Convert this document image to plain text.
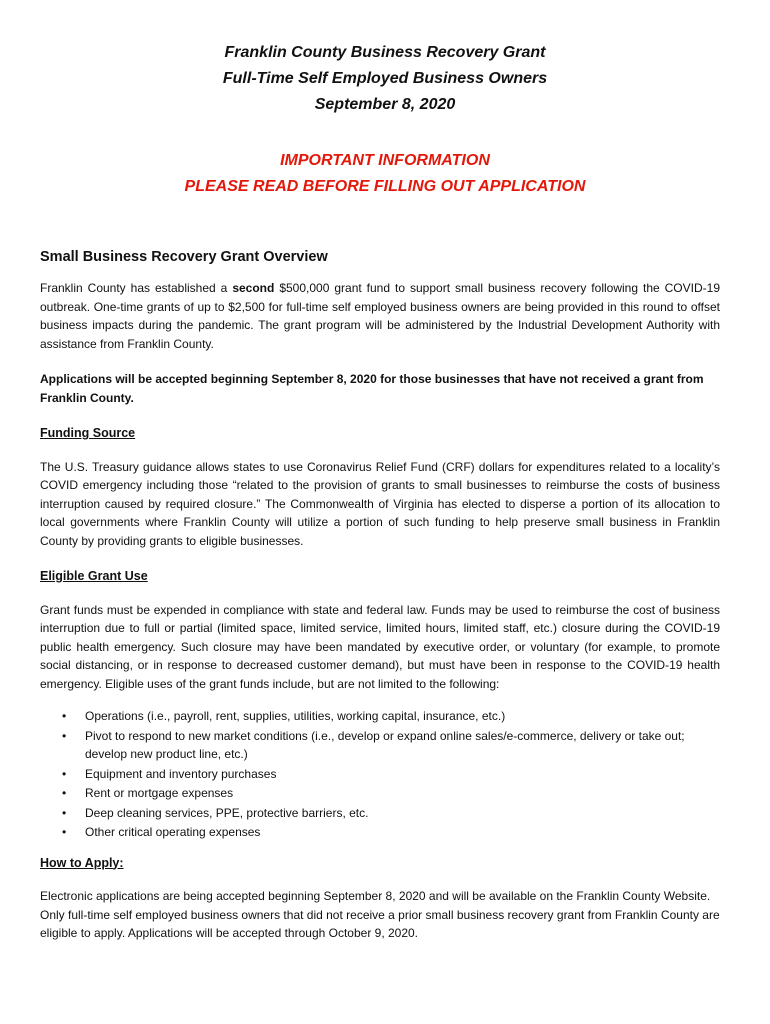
Franklin County Business Recovery Grant
Full-Time Self Employed Business Owners
September 8, 2020
IMPORTANT INFORMATION
PLEASE READ BEFORE FILLING OUT APPLICATION
Small Business Recovery Grant Overview

Franklin County has established a second $500,000 grant fund to support small business recovery following the COVID-19 outbreak. One-time grants of up to $2,500 for full-time self employed business owners are being provided in this round to offset business impacts during the pandemic. The grant program will be administered by the Industrial Development Authority with assistance from Franklin County.

Applications will be accepted beginning September 8, 2020 for those businesses that have not received a grant from Franklin County.

Funding Source

The U.S. Treasury guidance allows states to use Coronavirus Relief Fund (CRF) dollars for expenditures related to a locality’s COVID emergency including those “related to the provision of grants to small businesses to reimburse the costs of business interruption caused by required closure.” The Commonwealth of Virginia has elected to disperse a portion of its allocation to local governments where Franklin County will utilize a portion of such funding to help preserve small business in Franklin County by providing grants to eligible businesses.

Eligible Grant Use

Grant funds must be expended in compliance with state and federal law. Funds may be used to reimburse the cost of business interruption due to full or partial (limited space, limited service, limited hours, limited staff, etc.) closure during the COVID-19 public health emergency. Such closure may have been mandated by executive order, or voluntary (for example, to promote social distancing, or in response to decreased customer demand), but must have been in response to the COVID-19 health emergency. Eligible uses of the grant funds include, but are not limited to the following:

• Operations (i.e., payroll, rent, supplies, utilities, working capital, insurance, etc.)
• Pivot to respond to new market conditions (i.e., develop or expand online sales/e-commerce, delivery or take out; develop new product line, etc.)
• Equipment and inventory purchases
• Rent or mortgage expenses
• Deep cleaning services, PPE, protective barriers, etc.
• Other critical operating expenses
How to Apply:

Electronic applications are being accepted beginning September 8, 2020 and will be available on the Franklin County Website. Only full-time self employed business owners that did not receive a prior small business recovery grant from Franklin County are eligible to apply. Applications will be accepted through October 9, 2020.
